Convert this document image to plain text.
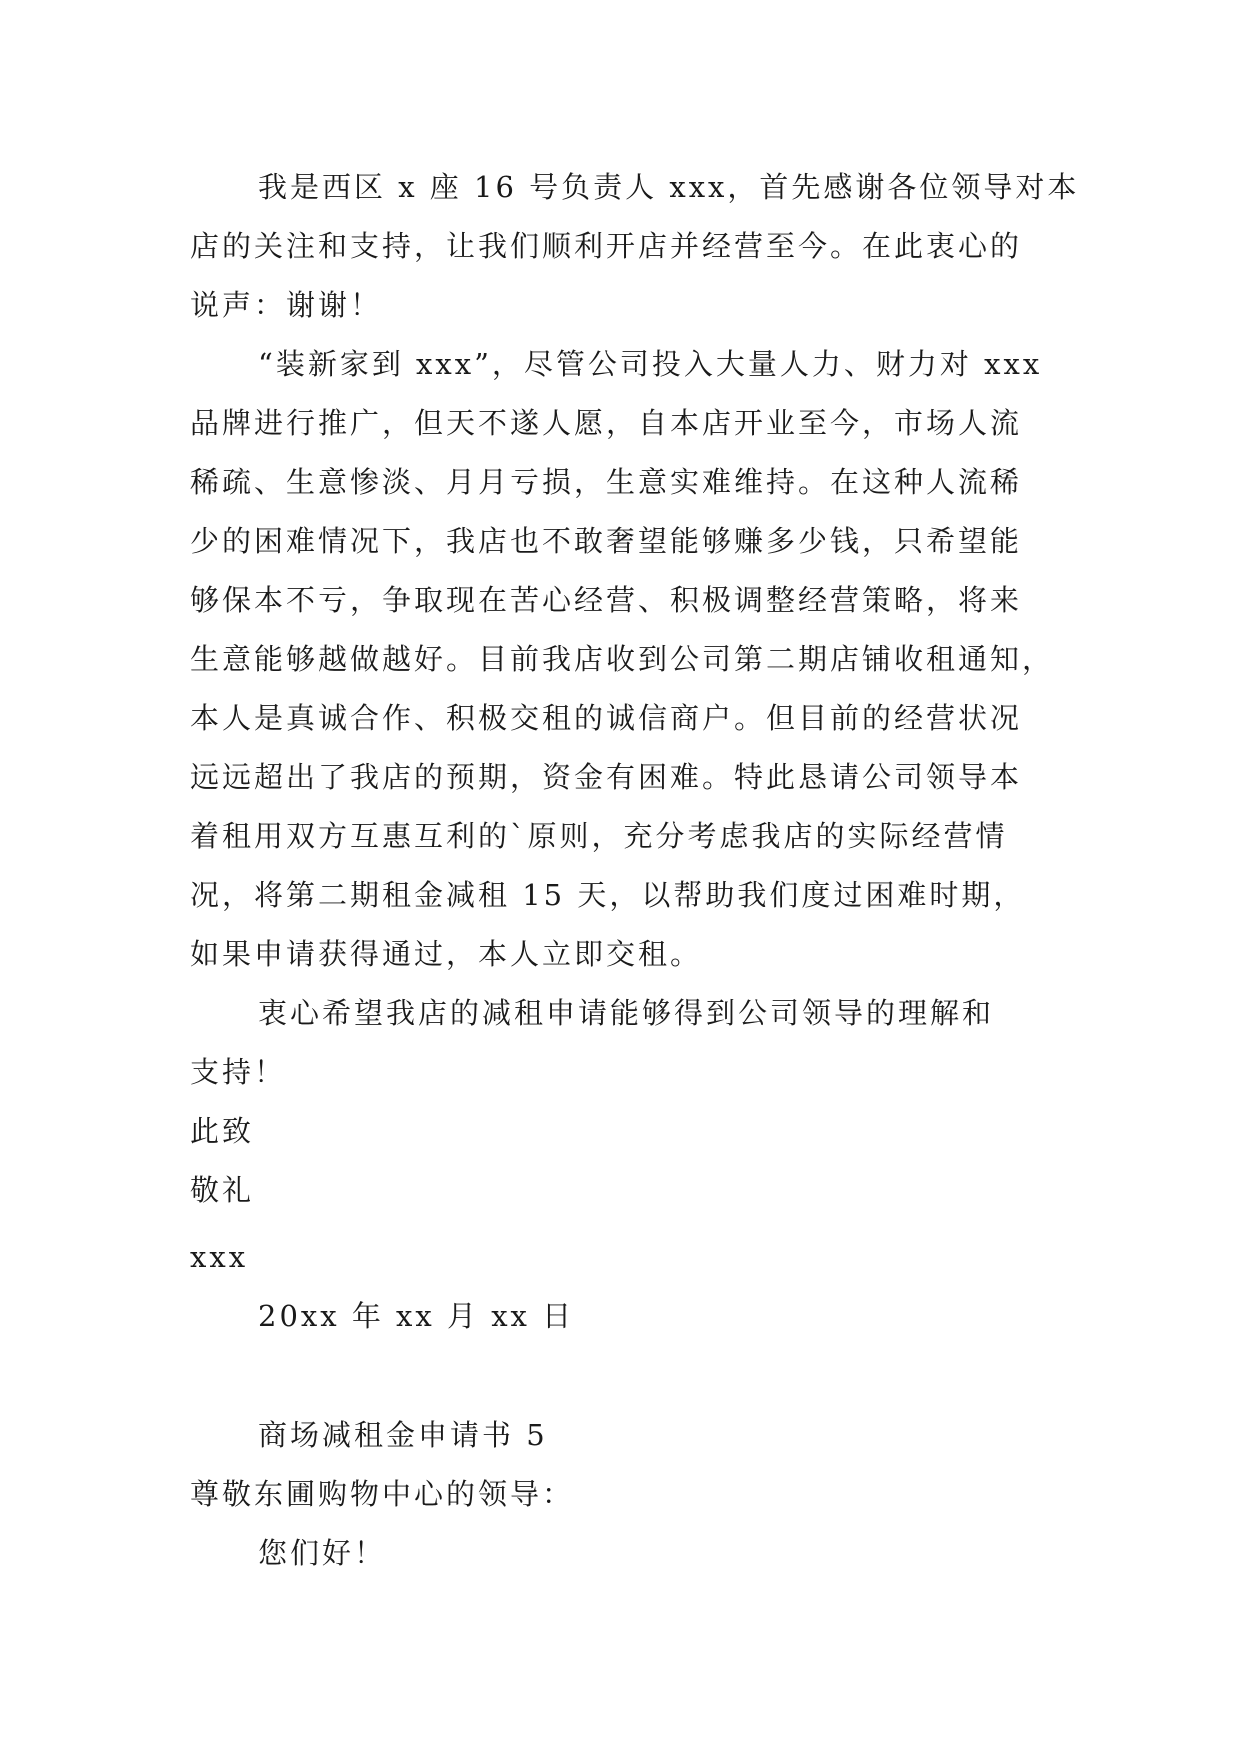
我是西区 x 座 16 号负责人 xxx，首先感谢各位领导对本
店的关注和支持，让我们顺利开店并经营至今。在此衷心的
说声：谢谢！
“装新家到 xxx”，尽管公司投入大量人力、财力对 xxx
品牌进行推广，但天不遂人愿，自本店开业至今，市场人流
稀疏、生意惨淡、月月亏损，生意实难维持。在这种人流稀
少的困难情况下，我店也不敢奢望能够赚多少钱，只希望能
够保本不亏，争取现在苦心经营、积极调整经营策略，将来
生意能够越做越好。目前我店收到公司第二期店铺收租通知，
本人是真诚合作、积极交租的诚信商户。但目前的经营状况
远远超出了我店的预期，资金有困难。特此恳请公司领导本
着租用双方互惠互利的`原则，充分考虑我店的实际经营情
况，将第二期租金减租 15 天，以帮助我们度过困难时期，
如果申请获得通过，本人立即交租。
衷心希望我店的减租申请能够得到公司领导的理解和
支持！
此致
敬礼
xxx
20xx 年 xx 月 xx 日
商场减租金申请书 5
尊敬东圃购物中心的领导：
您们好！
